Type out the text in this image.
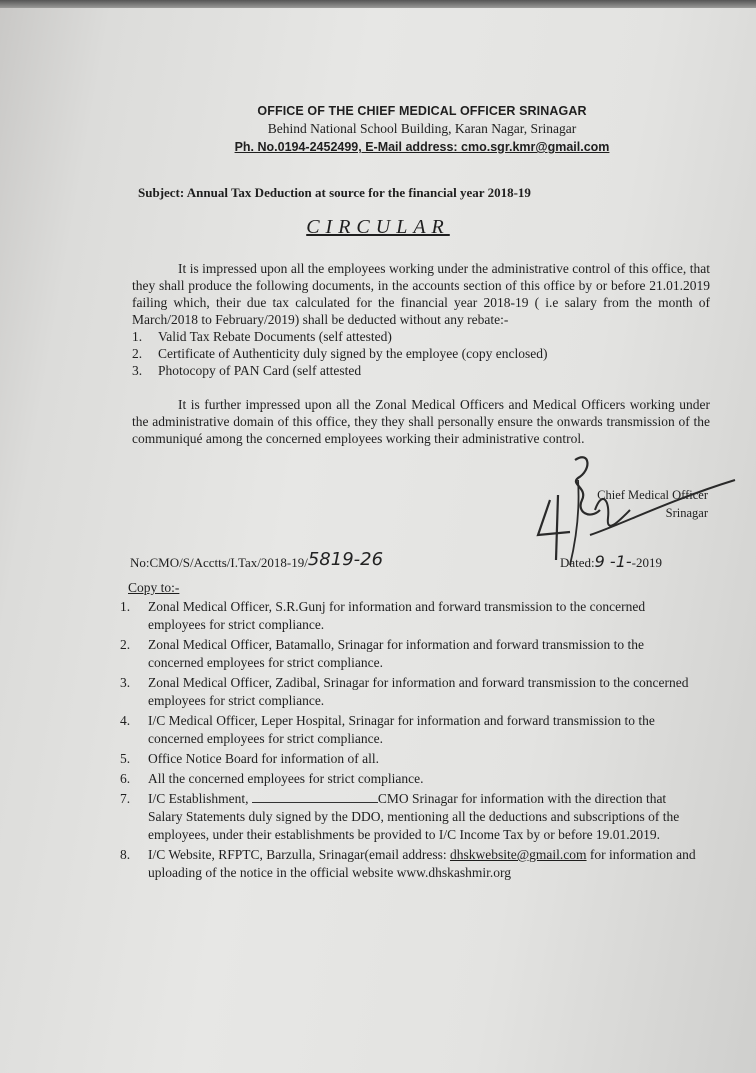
OFFICE OF THE CHIEF MEDICAL OFFICER SRINAGAR
Behind National School Building, Karan Nagar, Srinagar
Ph. No.0194-2452499, E-Mail address: cmo.sgr.kmr@gmail.com
Subject: Annual Tax Deduction at source for the financial year 2018-19
CIRCULAR

It is impressed upon all the employees working under the administrative control of this office, that they shall produce the following documents, in the accounts section of this office by or before 21.01.2019 failing which, their due tax calculated for the financial year 2018-19 ( i.e salary from the month of March/2018 to February/2019) shall be deducted without any rebate:-

1. Valid Tax Rebate Documents (self attested)
2. Certificate of Authenticity duly signed by the employee (copy enclosed)
3. Photocopy of PAN Card (self attested

It is further impressed upon all the Zonal Medical Officers and Medical Officers working under the administrative domain of this office, they they shall personally ensure the onwards transmission of the communiqué among the concerned employees working their administrative control.

Chief Medical Officer
Srinagar
No:CMO/S/Acctts/I.Tax/2018-19/5819-26	Dated:9 -1--2019
Copy to:-
1.	Zonal Medical Officer, S.R.Gunj for information and forward transmission to the concerned employees for strict compliance.
2.	Zonal Medical Officer, Batamallo, Srinagar for information and forward transmission to the concerned employees for strict compliance.
3.	Zonal Medical Officer, Zadibal, Srinagar for information and forward transmission to the concerned employees for strict compliance.
4.	I/C Medical Officer, Leper Hospital, Srinagar for information and forward transmission to the concerned employees for strict compliance.
5.	Office Notice Board for information of all.
6.	All the concerned employees for strict compliance.
7.	I/C Establishment,	CMO Srinagar for information with the direction that Salary Statements duly signed by the DDO, mentioning all the deductions and subscriptions of the employees, under their establishments be provided to I/C Income Tax by or before 19.01.2019.
8.	I/C Website, RFPTC, Barzulla, Srinagar(email address: dhskwebsite@gmail.com for information and uploading of the notice in the official website www.dhskashmir.org
